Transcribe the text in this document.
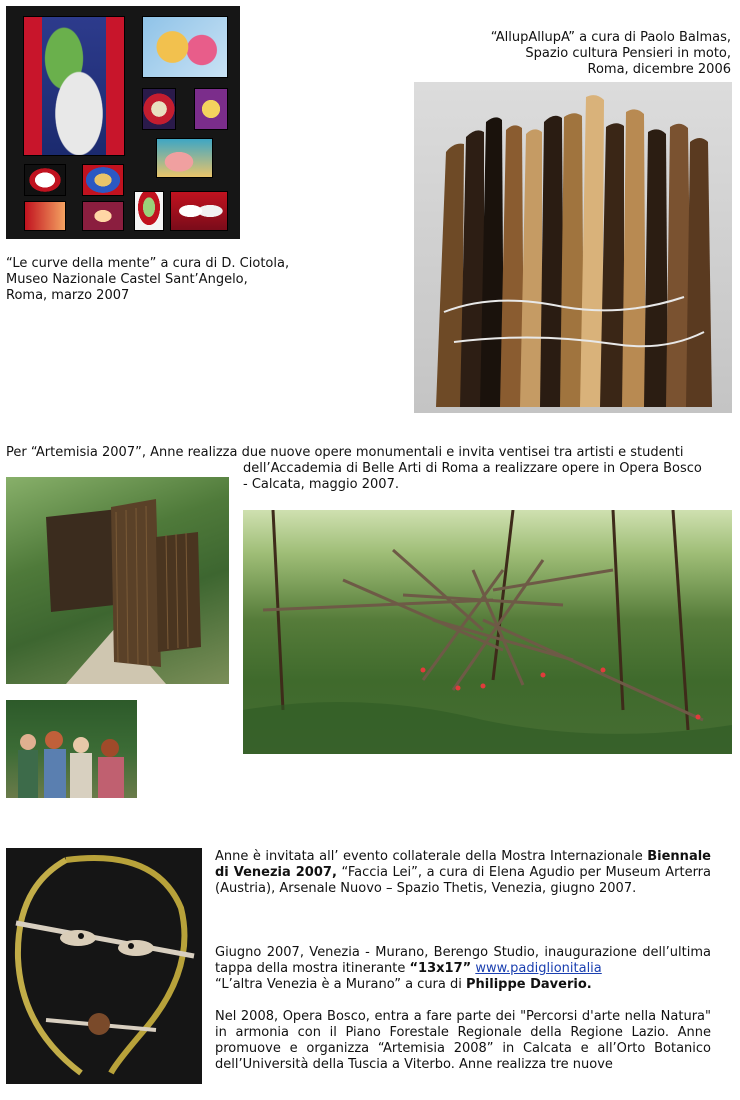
“AllupAllupA” a cura di Paolo Balmas,
Spazio cultura Pensieri in moto,
Roma, dicembre 2006
“Le curve della mente” a cura di D. Ciotola,
Museo Nazionale Castel Sant’Angelo,
Roma, marzo 2007
Per “Artemisia 2007”, Anne realizza due nuove opere monumentali e invita ventisei tra artisti e studenti
dell’Accademia di Belle Arti di Roma a realizzare opere in Opera Bosco
- Calcata, maggio 2007.
Anne è invitata all’ evento collaterale della Mostra Internazionale Biennale di Venezia 2007, “Faccia Lei”, a cura di Elena Agudio per Museum Arterra (Austria), Arsenale Nuovo – Spazio Thetis, Venezia, giugno 2007.
Giugno 2007, Venezia - Murano, Berengo Studio, inaugurazione dell’ultima tappa della mostra itinerante “13x17” www.padiglionitalia
“L’altra Venezia è a Murano” a cura di Philippe Daverio.
Nel 2008, Opera Bosco, entra a fare parte dei "Percorsi d'arte nella Natura" in armonia con il Piano Forestale Regionale della Regione Lazio. Anne promuove e organizza “Artemisia 2008” in Calcata e all’Orto Botanico dell’Università della Tuscia a Viterbo. Anne realizza tre nuove
